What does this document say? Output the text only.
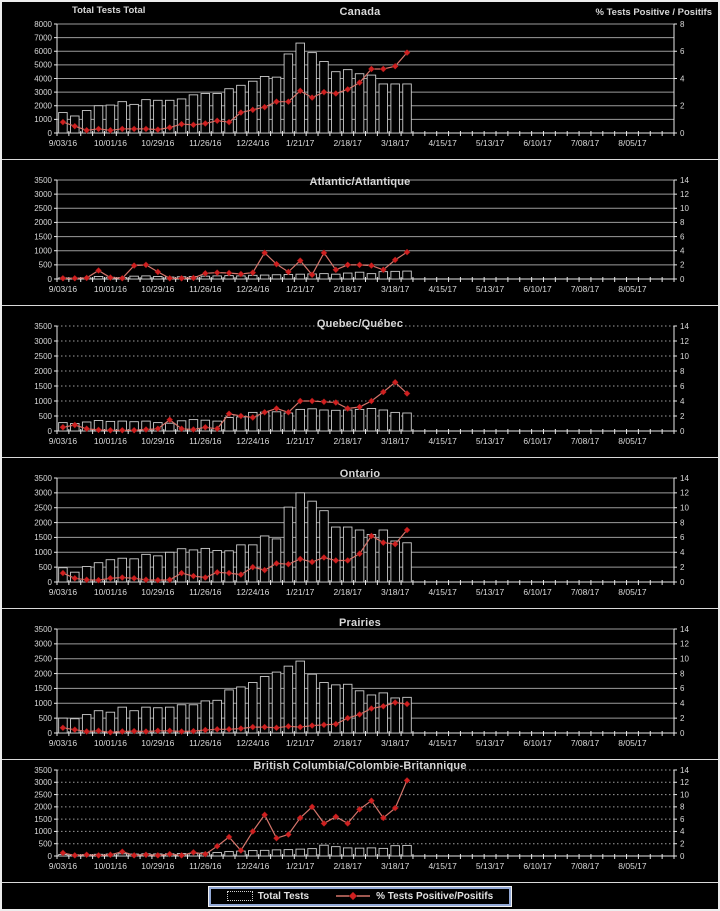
Canada
Total Tests Total	% Tests Positive / Positifs
0
1000
2000
3000
4000
5000
6000
7000
8000
0
2
4
6
8
9/03/16 10/01/16 10/29/16 11/26/16 12/24/16 1/21/17 2/18/17 3/18/17 4/15/17 5/13/17 6/10/17 7/08/17 8/05/17
Atlantic/Atlantique
0
500
1000
1500
2000
2500
3000
3500
0
2
4
6
8
10
12
14
9/03/16 10/01/16 10/29/16 11/26/16 12/24/16 1/21/17 2/18/17 3/18/17 4/15/17 5/13/17 6/10/17 7/08/17 8/05/17
Quebec/Québec
0
500
1000
1500
2000
2500
3000
3500
0
2
4
6
8
10
12
14
9/03/16 10/01/16 10/29/16 11/26/16 12/24/16 1/21/17 2/18/17 3/18/17 4/15/17 5/13/17 6/10/17 7/08/17 8/05/17
Ontario
0
500
1000
1500
2000
2500
3000
3500
0
2
4
6
8
10
12
14
9/03/16 10/01/16 10/29/16 11/26/16 12/24/16 1/21/17 2/18/17 3/18/17 4/15/17 5/13/17 6/10/17 7/08/17 8/05/17
Prairies
0
500
1000
1500
2000
2500
3000
3500
0
2
4
6
8
10
12
14
9/03/16 10/01/16 10/29/16 11/26/16 12/24/16 1/21/17 2/18/17 3/18/17 4/15/17 5/13/17 6/10/17 7/08/17 8/05/17
British Columbia/Colombie-Britannique
0
500
1000
1500
2000
2500
3000
3500
0
2
4
6
8
10
12
14
9/03/16 10/01/16 10/29/16 11/26/16 12/24/16 1/21/17 2/18/17 3/18/17 4/15/17 5/13/17 6/10/17 7/08/17 8/05/17
Total Tests	% Tests Positive/Positifs
